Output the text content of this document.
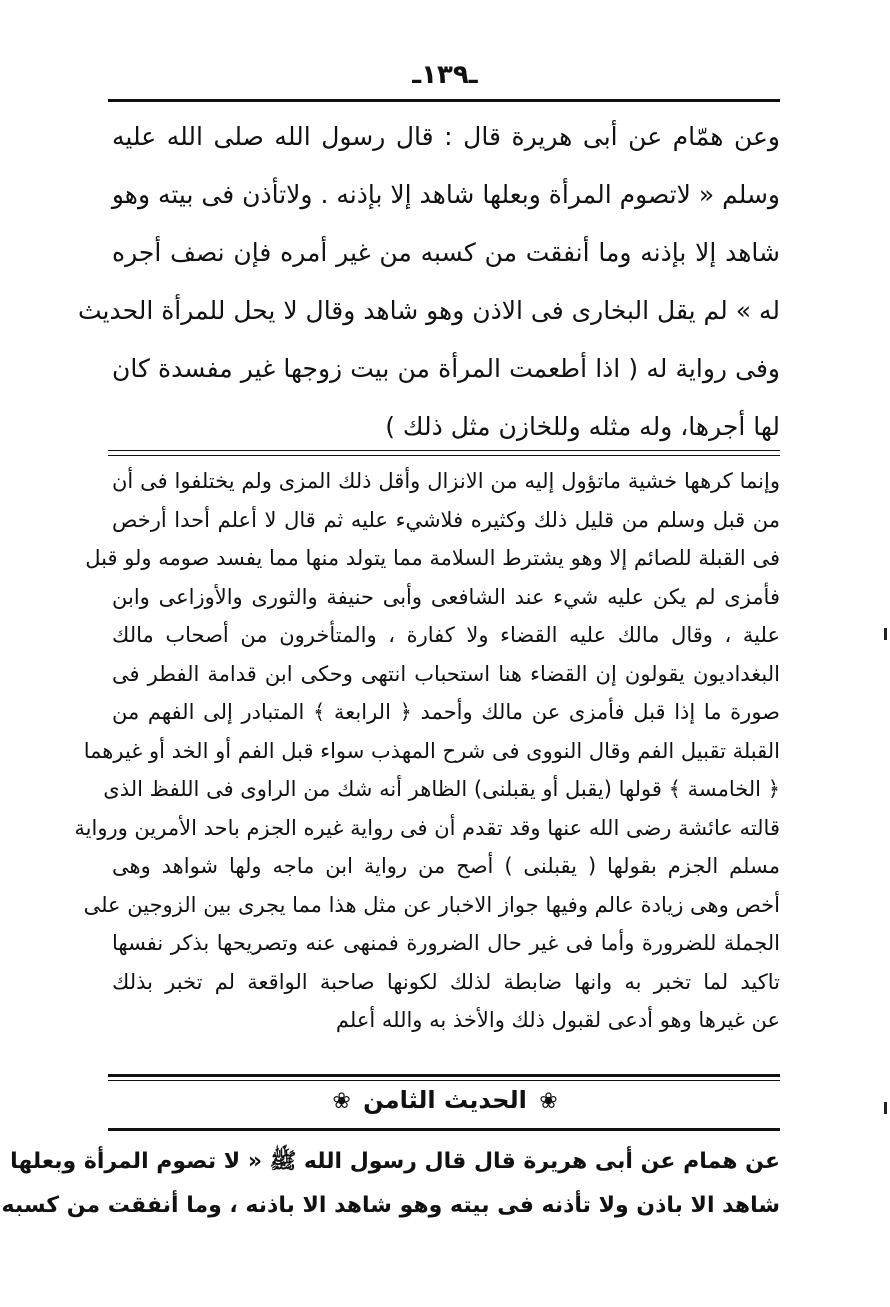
ـ١٣٩ـ
وعن همّام عن أبى هريرة قال : قال رسول الله صلى الله عليه
وسلم « لاتصوم المرأة وبعلها شاهد إلا بإذنه . ولاتأذن فى بيته وهو
شاهد إلا بإذنه وما أنفقت من كسبه من غير أمره فإن نصف أجره
له » لم يقل البخارى فى الاذن وهو شاهد وقال لا يحل للمرأة الحديث
وفى رواية له ( اذا أطعمت المرأة من بيت زوجها غير مفسدة كان
لها أجرها، وله مثله وللخازن مثل ذلك )
وإنما كرهها خشية ماتؤول إليه من الانزال وأقل ذلك المزى ولم يختلفوا فى أن
من قبل وسلم من قليل ذلك وكثيره فلاشيء عليه ثم قال لا أعلم أحدا أرخص
فى القبلة للصائم إلا وهو يشترط السلامة مما يتولد منها مما يفسد صومه ولو قبل
فأمزى لم يكن عليه شيء عند الشافعى وأبى حنيفة والثورى والأوزاعى وابن
علية ، وقال مالك عليه القضاء ولا كفارة ، والمتأخرون من أصحاب مالك
البغداديون يقولون إن القضاء هنا استحباب انتهى وحكى ابن قدامة الفطر فى
صورة ما إذا قبل فأمزى عن مالك وأحمد ﴿ الرابعة ﴾ المتبادر إلى الفهم من
القبلة تقبيل الفم وقال النووى فى شرح المهذب سواء قبل الفم أو الخد أو غيرهما
﴿ الخامسة ﴾ قولها (يقبل أو يقبلنى) الظاهر أنه شك من الراوى فى اللفظ الذى
قالته عائشة رضى الله عنها وقد تقدم أن فى رواية غيره الجزم باحد الأمرين ورواية
مسلم الجزم بقولها ( يقبلنى ) أصح من رواية ابن ماجه ولها شواهد وهى
أخص وهى زيادة عالم وفيها جواز الاخبار عن مثل هذا مما يجرى بين الزوجين على
الجملة للضرورة وأما فى غير حال الضرورة فمنهى عنه وتصريحها بذكر نفسها
تاكيد لما تخبر به وانها ضابطة لذلك لكونها صاحبة الواقعة لم تخبر بذلك
عن غيرها وهو أدعى لقبول ذلك والأخذ به والله أعلم
❀ الحديث الثامن ❀
عن همام عن أبى هريرة قال قال رسول الله ﷺ « لا تصوم المرأة وبعلها
شاهد الا باذن ولا تأذنه فى بيته وهو شاهد الا باذنه ، وما أنفقت من كسبه
